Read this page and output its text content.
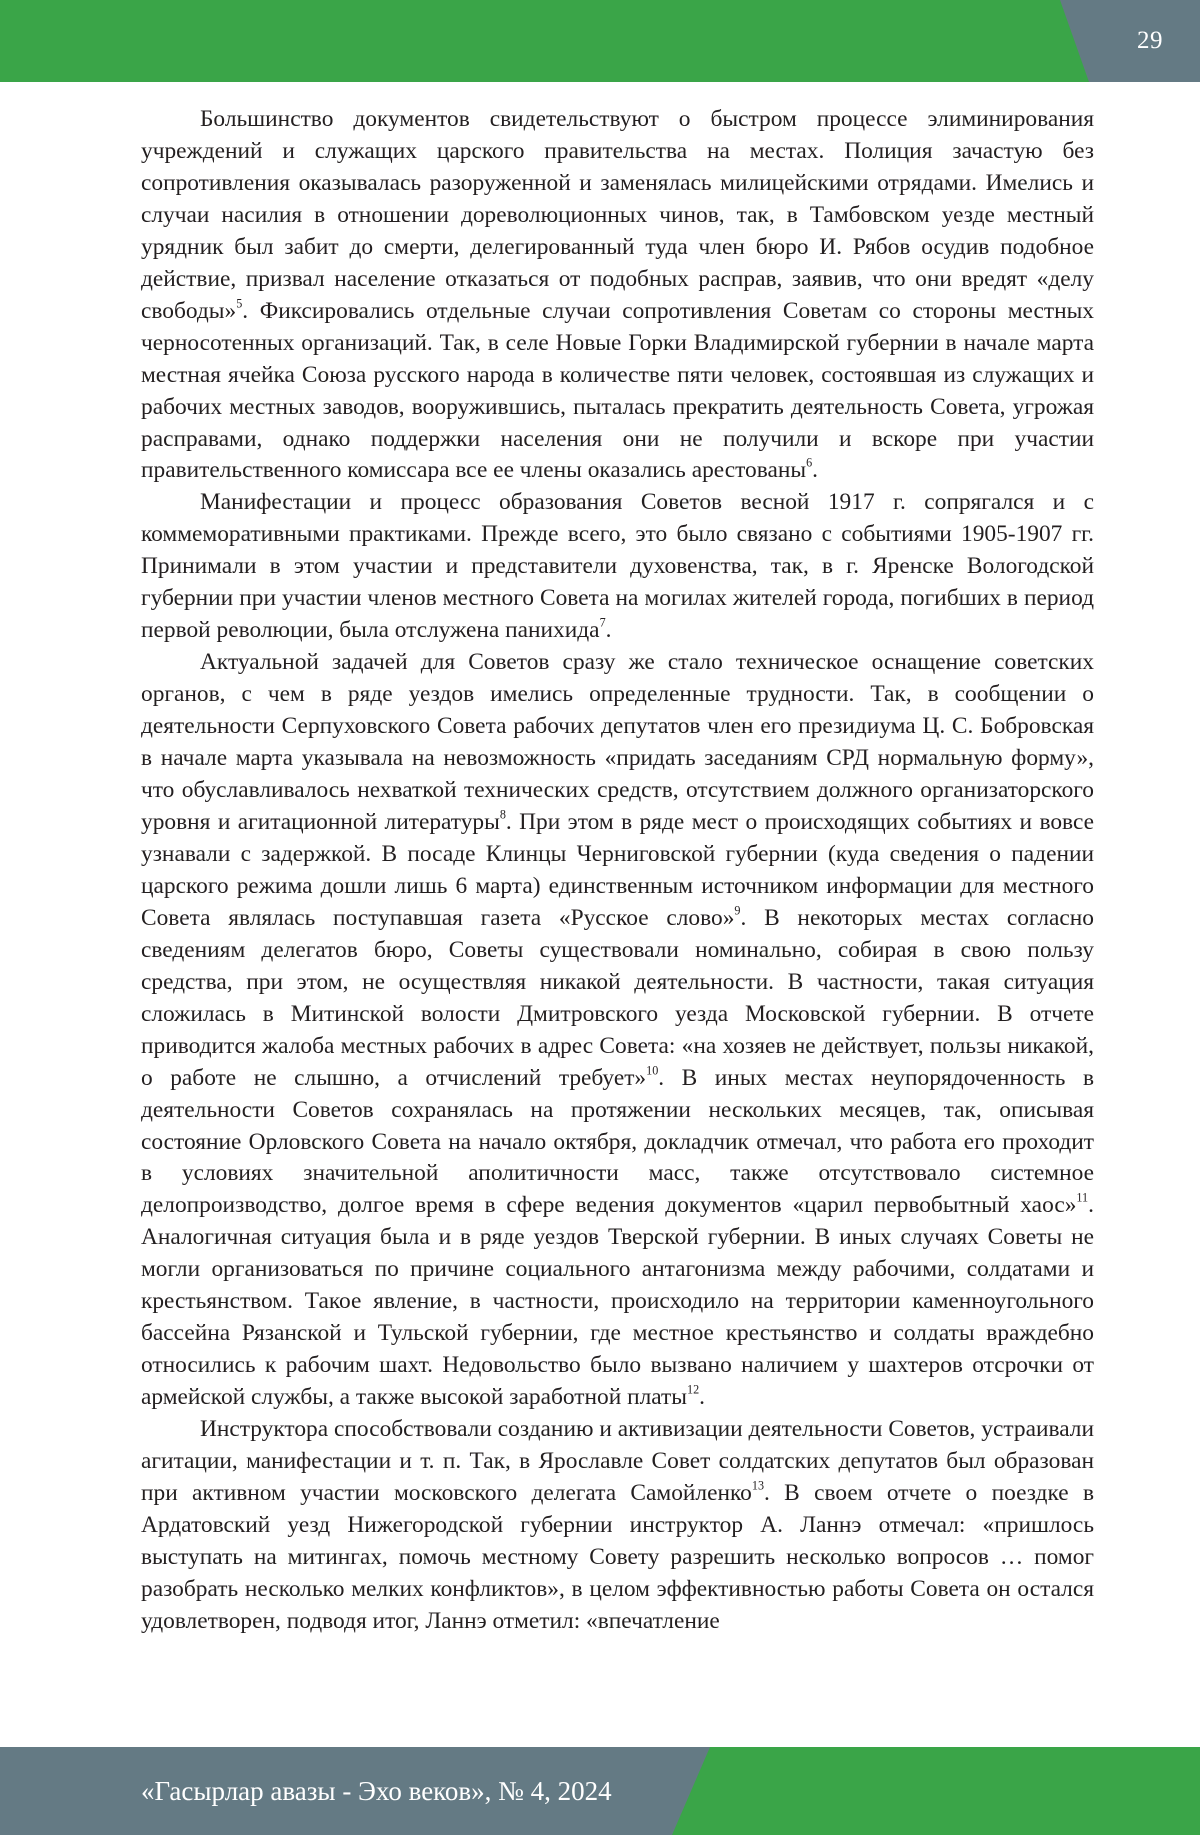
29

Большинство документов свидетельствуют о быстром процессе элиминирования учреждений и служащих царского правительства на местах. Полиция зачастую без сопротивления оказывалась разоруженной и заменялась милицейскими отрядами. Имелись и случаи насилия в отношении дореволюционных чинов, так, в Тамбовском уезде местный урядник был забит до смерти, делегированный туда член бюро И. Рябов осудив подобное действие, призвал население отказаться от подобных расправ, заявив, что они вредят «делу свободы»$^5$. Фиксировались отдельные случаи сопротивления Советам со стороны местных черносотенных организаций. Так, в селе Новые Горки Владимирской губернии в начале марта местная ячейка Союза русского народа в количестве пяти человек, состоявшая из служащих и рабочих местных заводов, вооружившись, пыталась прекратить деятельность Совета, угрожая расправами, однако поддержки населения они не получили и вскоре при участии правительственного комиссара все ее члены оказались арестованы$^6$.

Манифестации и процесс образования Советов весной 1917 г. сопрягался и с коммеморативными практиками. Прежде всего, это было связано с событиями 1905-1907 гг. Принимали в этом участии и представители духовенства, так, в г. Яренске Вологодской губернии при участии членов местного Совета на могилах жителей города, погибших в период первой революции, была отслужена панихида$^7$.

Актуальной задачей для Советов сразу же стало техническое оснащение советских органов, с чем в ряде уездов имелись определенные трудности. Так, в сообщении о деятельности Серпуховского Совета рабочих депутатов член его президиума Ц. С. Бобровская в начале марта указывала на невозможность «придать заседаниям СРД нормальную форму», что обуславливалось нехваткой технических средств, отсутствием должного организаторского уровня и агитационной литературы$^8$. При этом в ряде мест о происходящих событиях и вовсе узнавали с задержкой. В посаде Клинцы Черниговской губернии (куда сведения о падении царского режима дошли лишь 6 марта) единственным источником информации для местного Совета являлась поступавшая газета «Русское слово»$^9$. В некоторых местах согласно сведениям делегатов бюро, Советы существовали номинально, собирая в свою пользу средства, при этом, не осуществляя никакой деятельности. В частности, такая ситуация сложилась в Митинской волости Дмитровского уезда Московской губернии. В отчете приводится жалоба местных рабочих в адрес Совета: «на хозяев не действует, пользы никакой, о работе не слышно, а отчислений требует»$^{10}$. В иных местах неупорядоченность в деятельности Советов сохранялась на протяжении нескольких месяцев, так, описывая состояние Орловского Совета на начало октября, докладчик отмечал, что работа его проходит в условиях значительной аполитичности масс, также отсутствовало системное делопроизводство, долгое время в сфере ведения документов «царил первобытный хаос»$^{11}$. Аналогичная ситуация была и в ряде уездов Тверской губернии. В иных случаях Советы не могли организоваться по причине социального антагонизма между рабочими, солдатами и крестьянством. Такое явление, в частности, происходило на территории каменноугольного бассейна Рязанской и Тульской губернии, где местное крестьянство и солдаты враждебно относились к рабочим шахт. Недовольство было вызвано наличием у шахтеров отсрочки от армейской службы, а также высокой заработной платы$^{12}$.

Инструктора способствовали созданию и активизации деятельности Советов, устраивали агитации, манифестации и т. п. Так, в Ярославле Совет солдатских депутатов был образован при активном участии московского делегата Самойленко$^{13}$. В своем отчете о поездке в Ардатовский уезд Нижегородской губернии инструктор А. Ланнэ отмечал: «пришлось выступать на митингах, помочь местному Совету разрешить несколько вопросов … помог разобрать несколько мелких конфликтов», в целом эффективностью работы Совета он остался удовлетворен, подводя итог, Ланнэ отметил: «впечатление

«Гасырлар авазы - Эхо веков», № 4, 2024
